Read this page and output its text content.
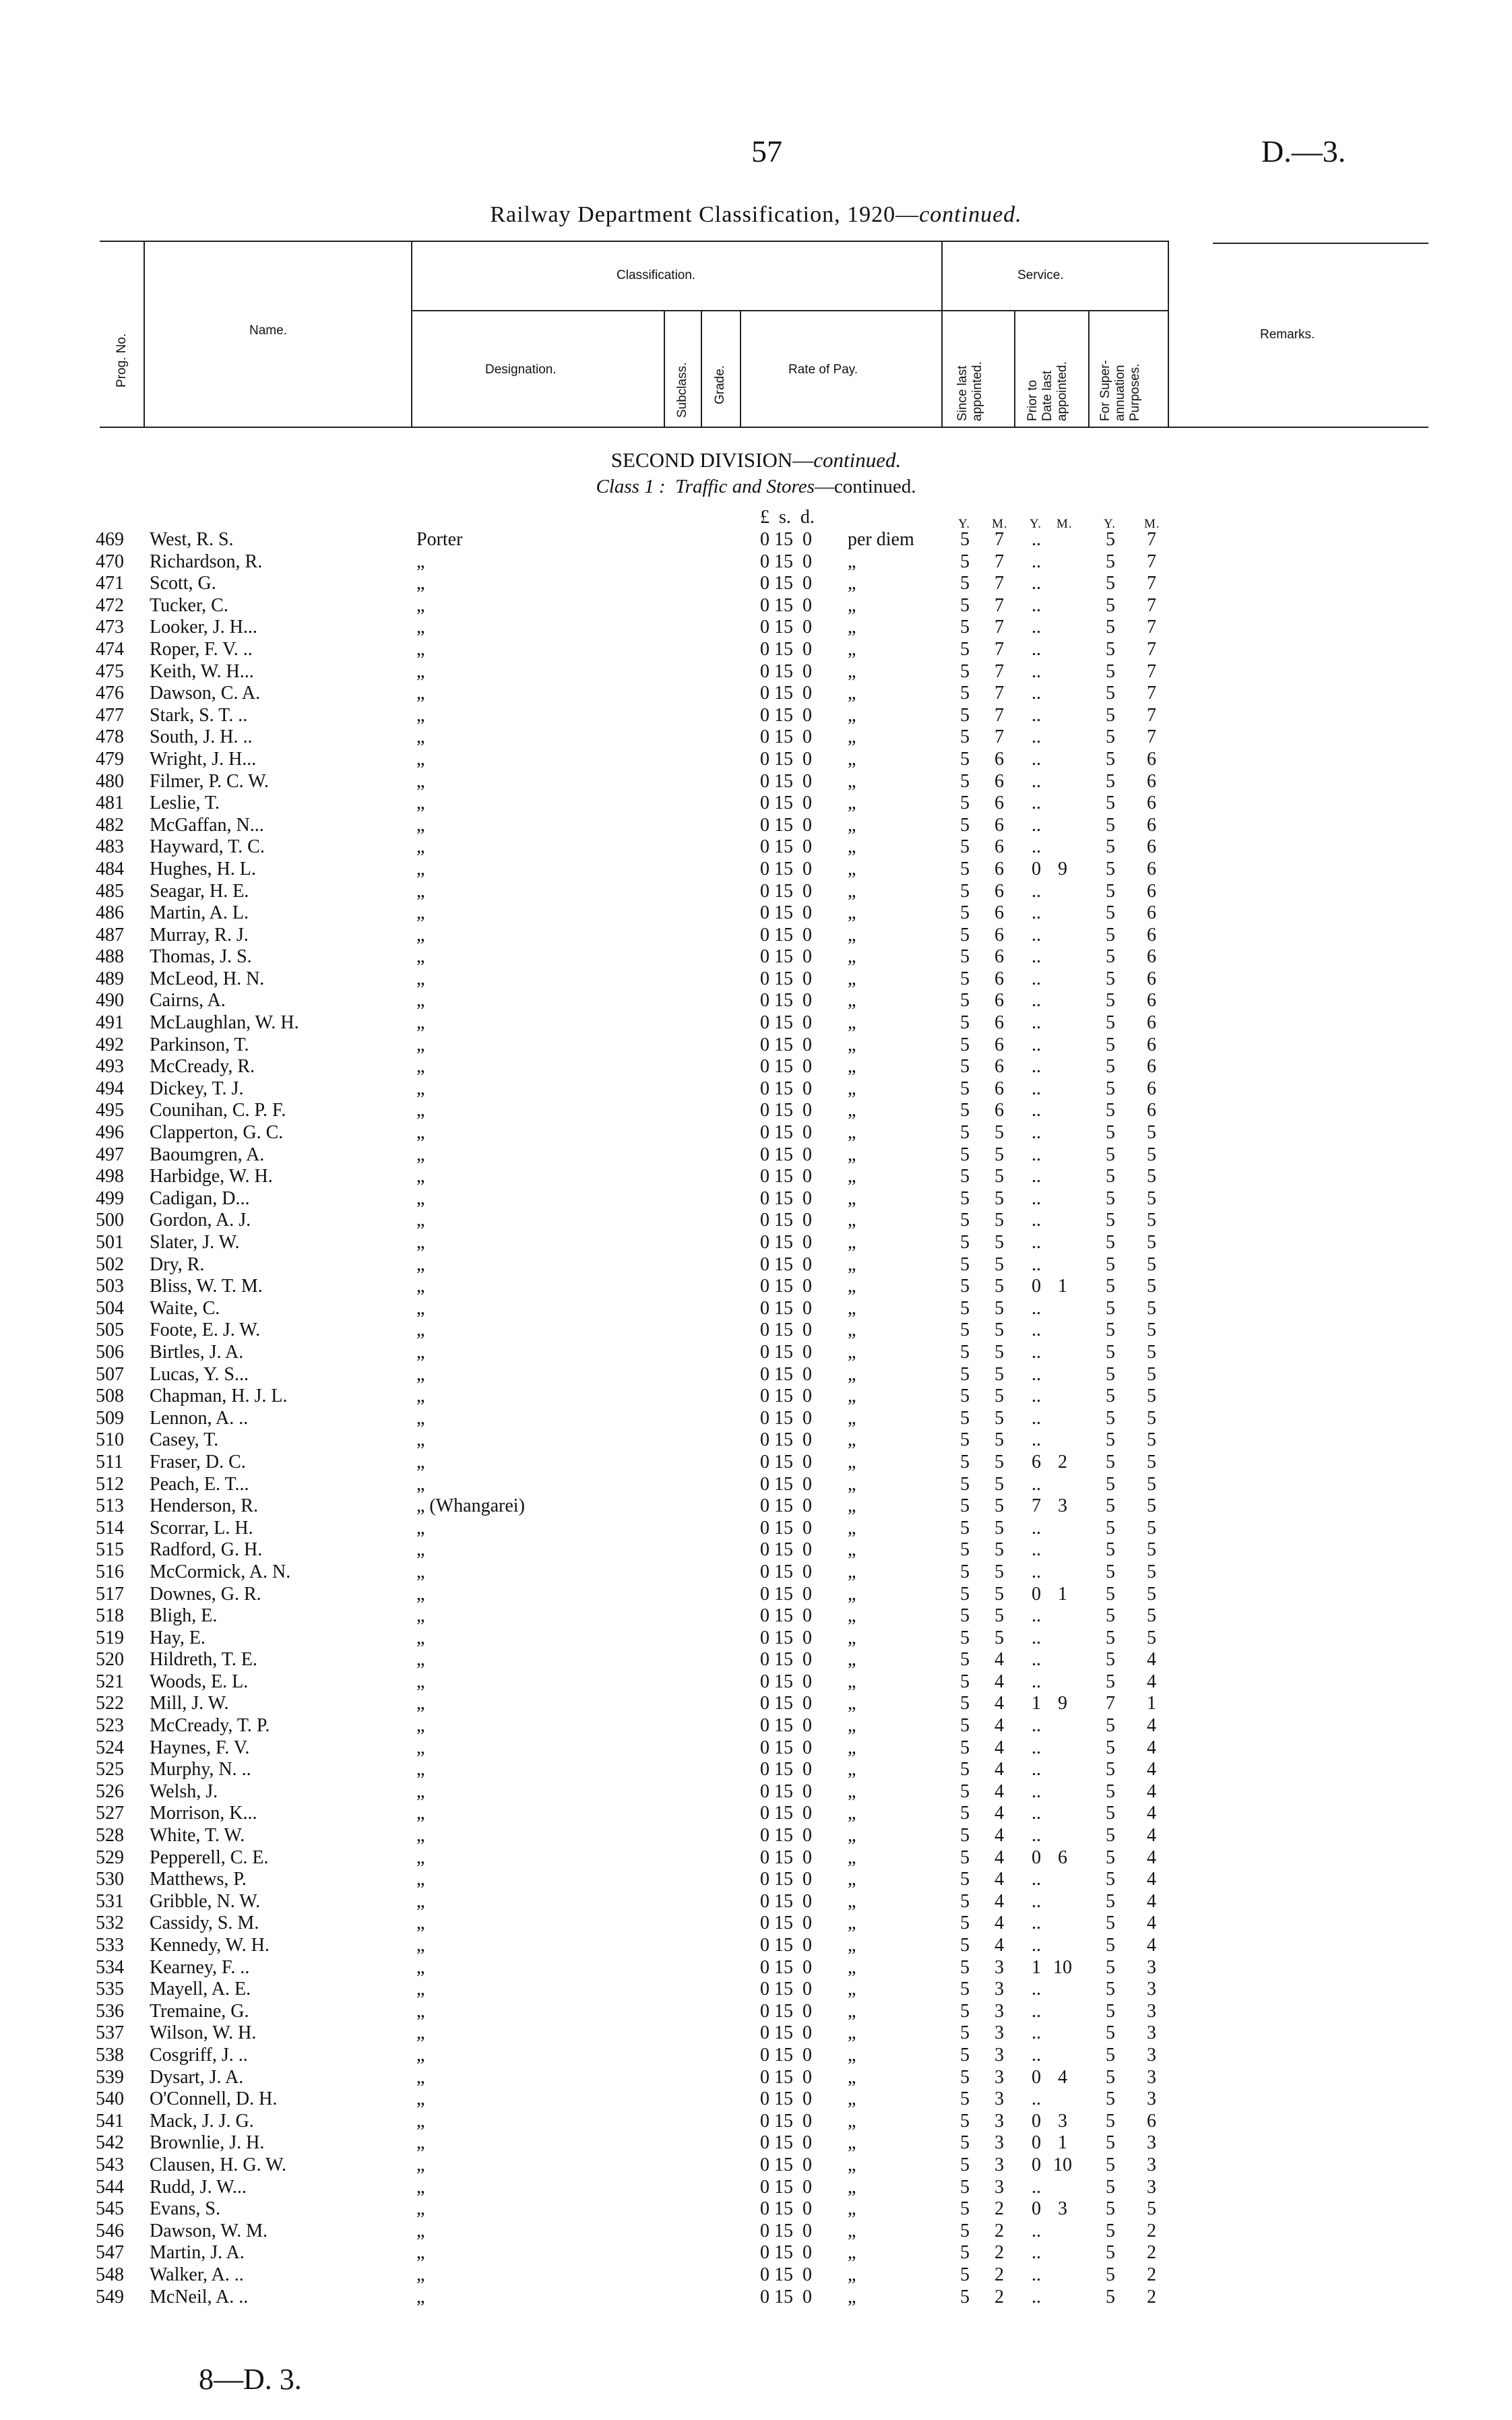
57	D.—3.
Railway Department Classification, 1920—continued.
Prog. No.
Name.
Classification.
Designation.	Subclass. Grade.	Rate of Pay.
Service.
Since last appointed.	Prior to Date last appointed. For Super- annuation Purposes.
Remarks.
SECOND DIVISION—continued.
Class 1 : Traffic and Stores—continued.
£  s.  d.	Y. M. Y. M. Y. M.
469 West, R. S.	Porter	0 15  0 per diem	5	7	..	5	7
470 Richardson, R.	„	0 15  0 „	5	7	..	5	7
471 Scott, G.	„	0 15  0 „	5	7	..	5	7
472 Tucker, C.	„	0 15  0 „	5	7	..	5	7
473 Looker, J. H...	„	0 15  0 „	5	7	..	5	7
474 Roper, F. V. ..	„	0 15  0 „	5	7	..	5	7
475 Keith, W. H...	„	0 15  0 „	5	7	..	5	7
476 Dawson, C. A.	„	0 15  0 „	5	7	..	5	7
477 Stark, S. T. ..	„	0 15  0 „	5	7	..	5	7
478 South, J. H. ..	„	0 15  0 „	5	7	..	5	7
479 Wright, J. H...	„	0 15  0 „	5	6	..	5	6
480 Filmer, P. C. W.	„	0 15  0 „	5	6	..	5	6
481 Leslie, T.	„	0 15  0 „	5	6	..	5	6
482 McGaffan, N...	„	0 15  0 „	5	6	..	5	6
483 Hayward, T. C.	„	0 15  0 „	5	6	..	5	6
484 Hughes, H. L.	„	0 15  0 „	5	6	0 9	5	6
485 Seagar, H. E.	„	0 15  0 „	5	6	..	5	6
486 Martin, A. L.	„	0 15  0 „	5	6	..	5	6
487 Murray, R. J.	„	0 15  0 „	5	6	..	5	6
488 Thomas, J. S.	„	0 15  0 „	5	6	..	5	6
489 McLeod, H. N.	„	0 15  0 „	5	6	..	5	6
490 Cairns, A.	„	0 15  0 „	5	6	..	5	6
491 McLaughlan, W. H.	„	0 15  0 „	5	6	..	5	6
492 Parkinson, T.	„	0 15  0 „	5	6	..	5	6
493 McCready, R.	„	0 15  0 „	5	6	..	5	6
494 Dickey, T. J.	„	0 15  0 „	5	6	..	5	6
495 Counihan, C. P. F.	„	0 15  0 „	5	6	..	5	6
496 Clapperton, G. C.	„	0 15  0 „	5	5	..	5	5
497 Baoumgren, A.	„	0 15  0 „	5	5	..	5	5
498 Harbidge, W. H.	„	0 15  0 „	5	5	..	5	5
499 Cadigan, D...	„	0 15  0 „	5	5	..	5	5
500 Gordon, A. J.	„	0 15  0 „	5	5	..	5	5
501 Slater, J. W.	„	0 15  0 „	5	5	..	5	5
502 Dry, R.	„	0 15  0 „	5	5	..	5	5
503 Bliss, W. T. M.	„	0 15  0 „	5	5	0 1	5	5
504 Waite, C.	„	0 15  0 „	5	5	..	5	5
505 Foote, E. J. W.	„	0 15  0 „	5	5	..	5	5
506 Birtles, J. A.	„	0 15  0 „	5	5	..	5	5
507 Lucas, Y. S...	„	0 15  0 „	5	5	..	5	5
508 Chapman, H. J. L.	„	0 15  0 „	5	5	..	5	5
509 Lennon, A. ..	„	0 15  0 „	5	5	..	5	5
510 Casey, T.	„	0 15  0 „	5	5	..	5	5
511 Fraser, D. C.	„	0 15  0 „	5	5	6 2	5	5
512 Peach, E. T...	„	0 15  0 „	5	5	..	5	5
513 Henderson, R.	„ (Whangarei)	0 15  0 „	5	5	7 3	5	5
514 Scorrar, L. H.	„	0 15  0 „	5	5	..	5	5
515 Radford, G. H.	„	0 15  0 „	5	5	..	5	5
516 McCormick, A. N.	„	0 15  0 „	5	5	..	5	5
517 Downes, G. R.	„	0 15  0 „	5	5	0 1	5	5
518 Bligh, E.	„	0 15  0 „	5	5	..	5	5
519 Hay, E.	„	0 15  0 „	5	5	..	5	5
520 Hildreth, T. E.	„	0 15  0 „	5	4	..	5	4
521 Woods, E. L.	„	0 15  0 „	5	4	..	5	4
522 Mill, J. W.	„	0 15  0 „	5	4	1 9	7	1
523 McCready, T. P.	„	0 15  0 „	5	4	..	5	4
524 Haynes, F. V.	„	0 15  0 „	5	4	..	5	4
525 Murphy, N. ..	„	0 15  0 „	5	4	..	5	4
526 Welsh, J.	„	0 15  0 „	5	4	..	5	4
527 Morrison, K...	„	0 15  0 „	5	4	..	5	4
528 White, T. W.	„	0 15  0 „	5	4	..	5	4
529 Pepperell, C. E.	„	0 15  0 „	5	4	0 6	5	4
530 Matthews, P.	„	0 15  0 „	5	4	..	5	4
531 Gribble, N. W.	„	0 15  0 „	5	4	..	5	4
532 Cassidy, S. M.	„	0 15  0 „	5	4	..	5	4
533 Kennedy, W. H.	„	0 15  0 „	5	4	..	5	4
534 Kearney, F. ..	„	0 15  0 „	5	3	1 10	5	3
535 Mayell, A. E.	„	0 15  0 „	5	3	..	5	3
536 Tremaine, G.	„	0 15  0 „	5	3	..	5	3
537 Wilson, W. H.	„	0 15  0 „	5	3	..	5	3
538 Cosgriff, J. ..	„	0 15  0 „	5	3	..	5	3
539 Dysart, J. A.	„	0 15  0 „	5	3	0 4	5	3
540 O'Connell, D. H.	„	0 15  0 „	5	3	..	5	3
541 Mack, J. J. G.	„	0 15  0 „	5	3	0 3	5	6
542 Brownlie, J. H.	„	0 15  0 „	5	3	0 1	5	3
543 Clausen, H. G. W.	„	0 15  0 „	5	3	0 10	5	3
544 Rudd, J. W...	„	0 15  0 „	5	3	..	5	3
545 Evans, S.	„	0 15  0 „	5	2	0 3	5	5
546 Dawson, W. M.	„	0 15  0 „	5	2	..	5	2
547 Martin, J. A.	„	0 15  0 „	5	2	..	5	2
548 Walker, A. ..	„	0 15  0 „	5	2	..	5	2
549 McNeil, A. ..	„	0 15  0 „	5	2	..	5	2
8—D. 3.
